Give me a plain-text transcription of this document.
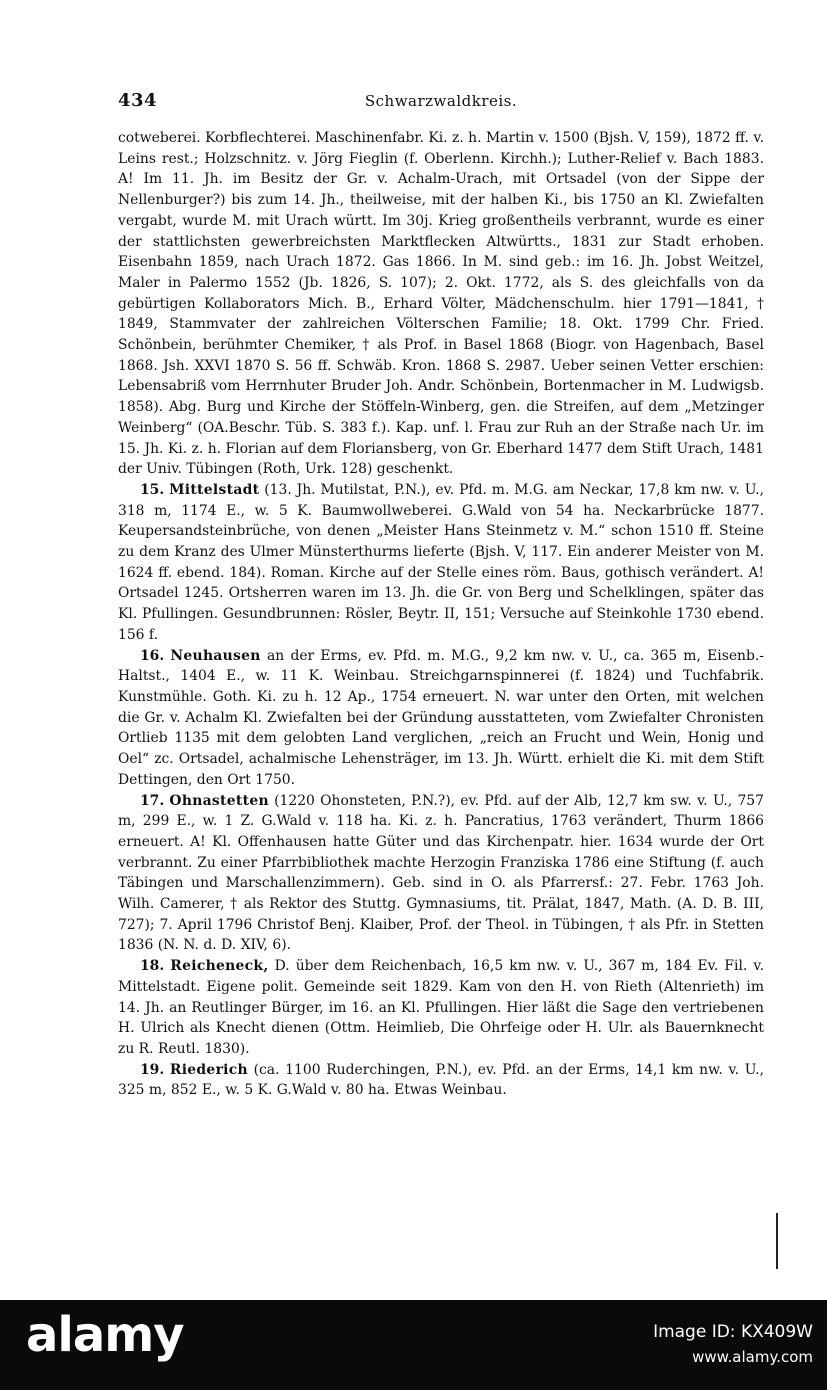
434	Schwarzwaldkreis.

cotweberei. Korbflechterei. Maschinenfabr. Ki. z. h. Martin v. 1500 (Bjsh. V, 159), 1872 ff. v. Leins rest.; Holzschnitz. v. Jörg Fieglin (f. Oberlenn. Kirchh.); Luther-Relief v. Bach 1883. A! Im 11. Jh. im Besitz der Gr. v. Achalm-Urach, mit Ortsadel (von der Sippe der Nellenburger?) bis zum 14. Jh., theilweise, mit der halben Ki., bis 1750 an Kl. Zwiefalten vergabt, wurde M. mit Urach württ. Im 30j. Krieg großentheils verbrannt, wurde es einer der stattlichsten gewerbreichsten Marktflecken Altwürtts., 1831 zur Stadt erhoben. Eisenbahn 1859, nach Urach 1872. Gas 1866. In M. sind geb.: im 16. Jh. Jobst Weitzel, Maler in Palermo 1552 (Jb. 1826, S. 107); 2. Okt. 1772, als S. des gleichfalls von da gebürtigen Kollaborators Mich. B., Erhard Völter, Mädchenschulm. hier 1791—1841, † 1849, Stammvater der zahlreichen Völterschen Familie; 18. Okt. 1799 Chr. Fried. Schönbein, berühmter Chemiker, † als Prof. in Basel 1868 (Biogr. von Hagenbach, Basel 1868. Jsh. XXVI 1870 S. 56 ff. Schwäb. Kron. 1868 S. 2987. Ueber seinen Vetter erschien: Lebensabriß vom Herrnhuter Bruder Joh. Andr. Schönbein, Bortenmacher in M. Ludwigsb. 1858). Abg. Burg und Kirche der Stöffeln-Winberg, gen. die Streifen, auf dem „Metzinger Weinberg“ (OA.Beschr. Tüb. S. 383 f.). Kap. unf. l. Frau zur Ruh an der Straße nach Ur. im 15. Jh. Ki. z. h. Florian auf dem Floriansberg, von Gr. Eberhard 1477 dem Stift Urach, 1481 der Univ. Tübingen (Roth, Urk. 128) geschenkt.

15. Mittelstadt (13. Jh. Mutilstat, P.N.), ev. Pfd. m. M.G. am Neckar, 17,8 km nw. v. U., 318 m, 1174 E., w. 5 K. Baumwollweberei. G.Wald von 54 ha. Neckarbrücke 1877. Keupersandsteinbrüche, von denen „Meister Hans Steinmetz v. M.“ schon 1510 ff. Steine zu dem Kranz des Ulmer Münsterthurms lieferte (Bjsh. V, 117. Ein anderer Meister von M. 1624 ff. ebend. 184). Roman. Kirche auf der Stelle eines röm. Baus, gothisch verändert. A! Ortsadel 1245. Ortsherren waren im 13. Jh. die Gr. von Berg und Schelklingen, später das Kl. Pfullingen. Gesundbrunnen: Rösler, Beytr. II, 151; Versuche auf Steinkohle 1730 ebend. 156 f.

16. Neuhausen an der Erms, ev. Pfd. m. M.G., 9,2 km nw. v. U., ca. 365 m, Eisenb.-Haltst., 1404 E., w. 11 K. Weinbau. Streichgarnspinnerei (f. 1824) und Tuchfabrik. Kunstmühle. Goth. Ki. zu h. 12 Ap., 1754 erneuert. N. war unter den Orten, mit welchen die Gr. v. Achalm Kl. Zwiefalten bei der Gründung ausstatteten, vom Zwiefalter Chronisten Ortlieb 1135 mit dem gelobten Land verglichen, „reich an Frucht und Wein, Honig und Oel“ zc. Ortsadel, achalmische Lehensträger, im 13. Jh. Württ. erhielt die Ki. mit dem Stift Dettingen, den Ort 1750.

17. Ohnastetten (1220 Ohonsteten, P.N.?), ev. Pfd. auf der Alb, 12,7 km sw. v. U., 757 m, 299 E., w. 1 Z. G.Wald v. 118 ha. Ki. z. h. Pancratius, 1763 verändert, Thurm 1866 erneuert. A! Kl. Offenhausen hatte Güter und das Kirchenpatr. hier. 1634 wurde der Ort verbrannt. Zu einer Pfarrbibliothek machte Herzogin Franziska 1786 eine Stiftung (f. auch Täbingen und Marschallenzimmern). Geb. sind in O. als Pfarrersf.: 27. Febr. 1763 Joh. Wilh. Camerer, † als Rektor des Stuttg. Gymnasiums, tit. Prälat, 1847, Math. (A. D. B. III, 727); 7. April 1796 Christof Benj. Klaiber, Prof. der Theol. in Tübingen, † als Pfr. in Stetten 1836 (N. N. d. D. XIV, 6).

18. Reicheneck, D. über dem Reichenbach, 16,5 km nw. v. U., 367 m, 184 Ev. Fil. v. Mittelstadt. Eigene polit. Gemeinde seit 1829. Kam von den H. von Rieth (Altenrieth) im 14. Jh. an Reutlinger Bürger, im 16. an Kl. Pfullingen. Hier läßt die Sage den vertriebenen H. Ulrich als Knecht dienen (Ottm. Heimlieb, Die Ohrfeige oder H. Ulr. als Bauernknecht zu R. Reutl. 1830).

19. Riederich (ca. 1100 Ruderchingen, P.N.), ev. Pfd. an der Erms, 14,1 km nw. v. U., 325 m, 852 E., w. 5 K. G.Wald v. 80 ha. Etwas Weinbau.

alamy	Image ID: KX409W
www.alamy.com
